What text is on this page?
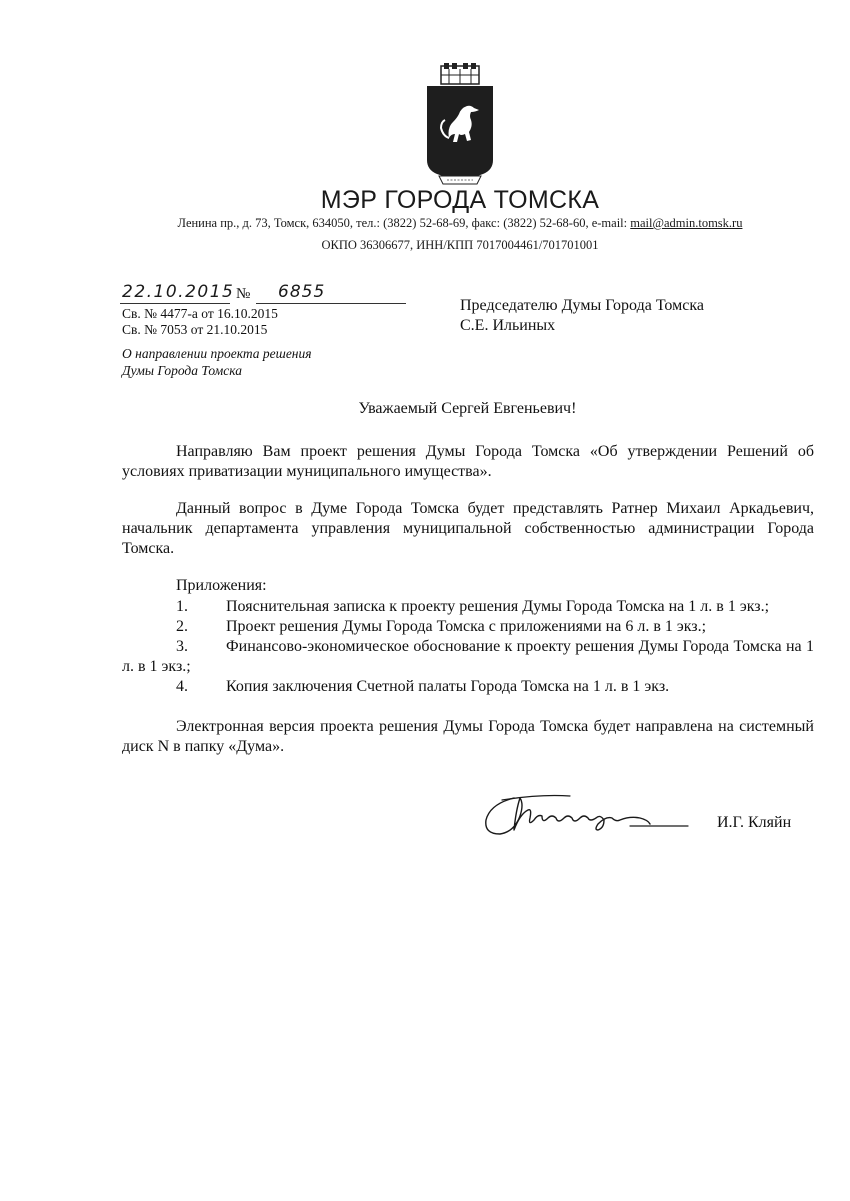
МЭР ГОРОДА ТОМСКА
Ленина пр., д. 73, Томск, 634050, тел.: (3822) 52-68-69, факс: (3822) 52-68-60, e-mail: mail@admin.tomsk.ru
ОКПО 36306677, ИНН/КПП 7017004461/701701001
22.10.2015 № 6855
Св. № 4477-а от 16.10.2015
Св. № 7053 от 21.10.2015
О направлении проекта решения
Думы Города Томска
Председателю Думы Города Томска
С.Е. Ильиных
Уважаемый Сергей Евгеньевич!
Направляю Вам проект решения Думы Города Томска «Об утверждении Решений об условиях приватизации муниципального имущества».
Данный вопрос в Думе Города Томска будет представлять Ратнер Михаил Аркадьевич, начальник департамента управления муниципальной собственностью администрации Города Томска.
Приложения:
1.	Пояснительная записка к проекту решения Думы Города Томска на 1 л. в 1 экз.;
2.	Проект решения Думы Города Томска с приложениями на 6 л. в 1 экз.;
3.	Финансово-экономическое обоснование к проекту решения Думы Города Томска на 1 л. в 1 экз.;
4.	Копия заключения Счетной палаты Города Томска на 1 л. в 1 экз.
Электронная версия проекта решения Думы Города Томска будет направлена на системный диск N в папку «Дума».
И.Г. Кляйн
